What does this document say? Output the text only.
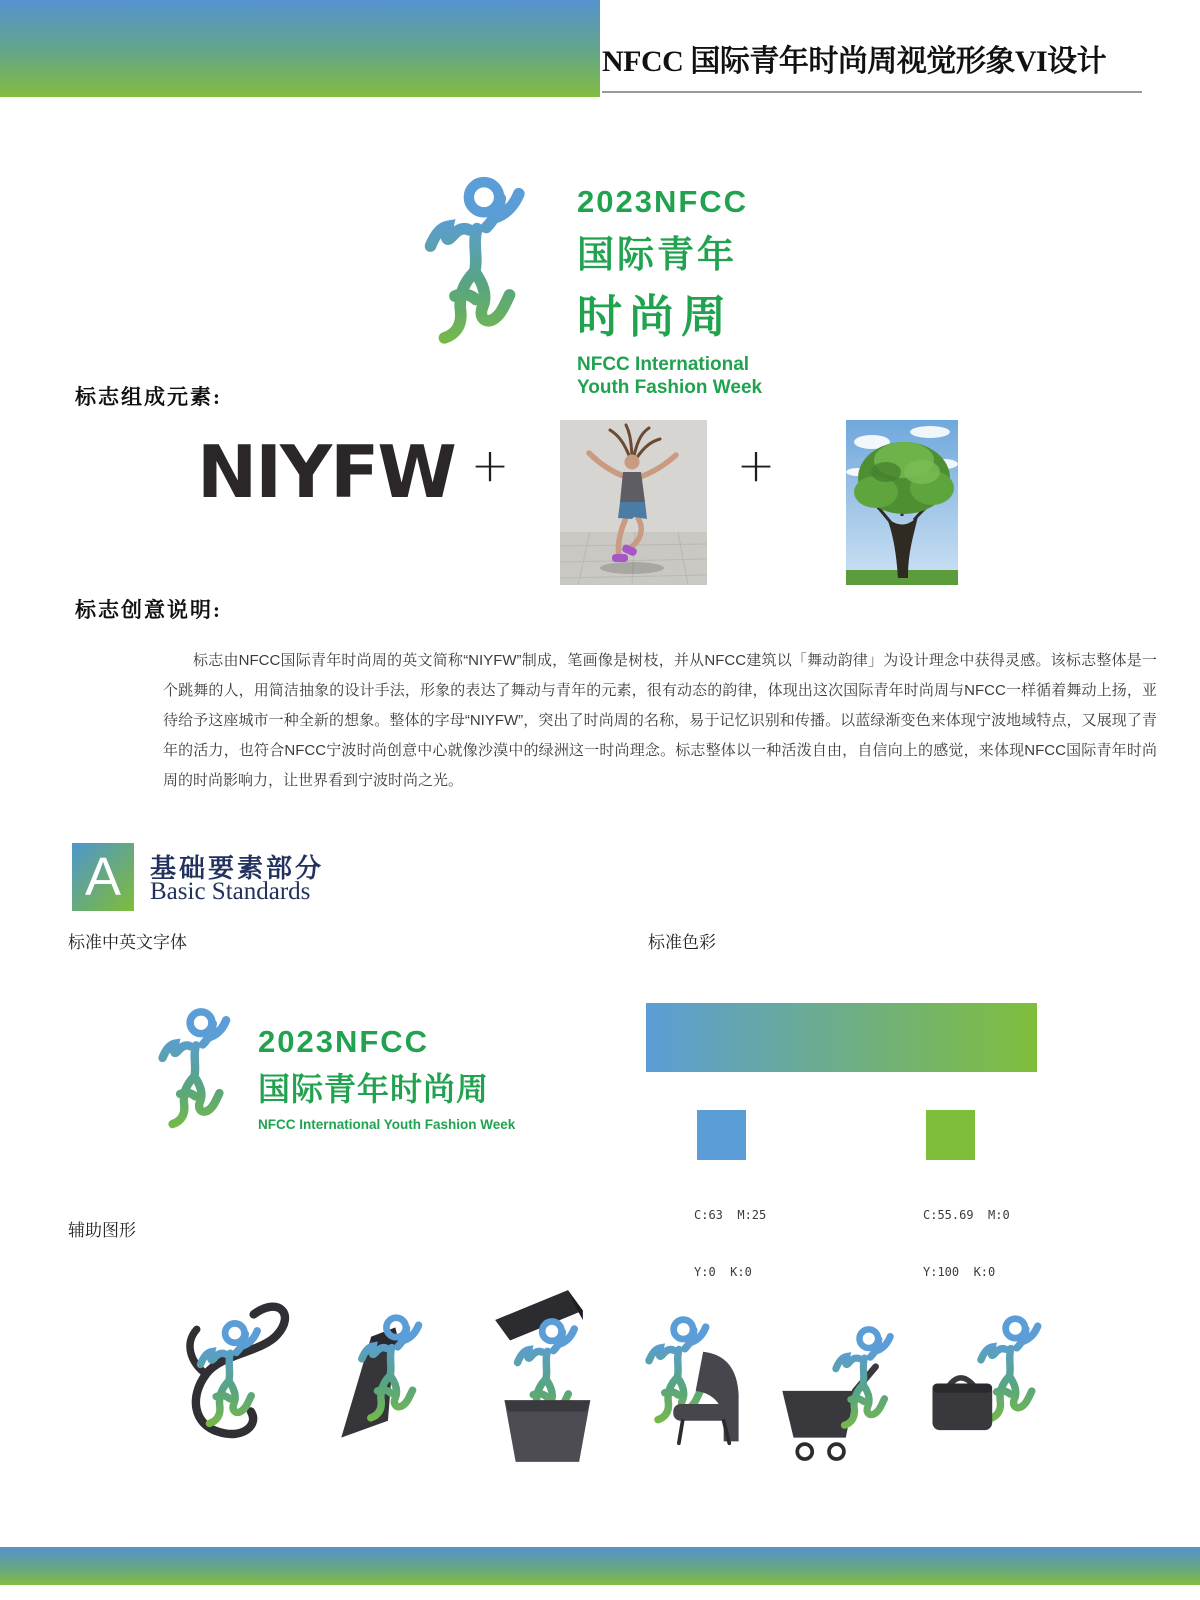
NFCC 国际青年时尚周视觉形象VI设计
2023NFCC
国际青年
时尚周
NFCC International
Youth Fashion Week
标志组成元素:
NIYFW +	+
标志创意说明:
标志由NFCC国际青年时尚周的英文简称“NIYFW”制成，笔画像是树枝，并从NFCC建筑以「舞动韵律」为设计理念中获得灵感。该标志整体是一个跳舞的人，用简洁抽象的设计手法，形象的表达了舞动与青年的元素，很有动态的韵律，体现出这次国际青年时尚周与NFCC一样循着舞动上扬，亚待给予这座城市一种全新的想象。整体的字母“NIYFW”，突出了时尚周的名称，易于记忆识别和传播。以蓝绿渐变色来体现宁波地域特点，又展现了青年的活力，也符合NFCC宁波时尚创意中心就像沙漠中的绿洲这一时尚理念。标志整体以一种活泼自由，自信向上的感觉，来体现NFCC国际青年时尚周的时尚影响力，让世界看到宁波时尚之光。
A	基础要素部分
Basic Standards
标准中英文字体	标准色彩
2023NFCC
国际青年时尚周
NFCC International Youth Fashion Week

C:63  M:25

Y:0  K:0

C:55.69  M:0

Y:100  K:0

辅助图形
